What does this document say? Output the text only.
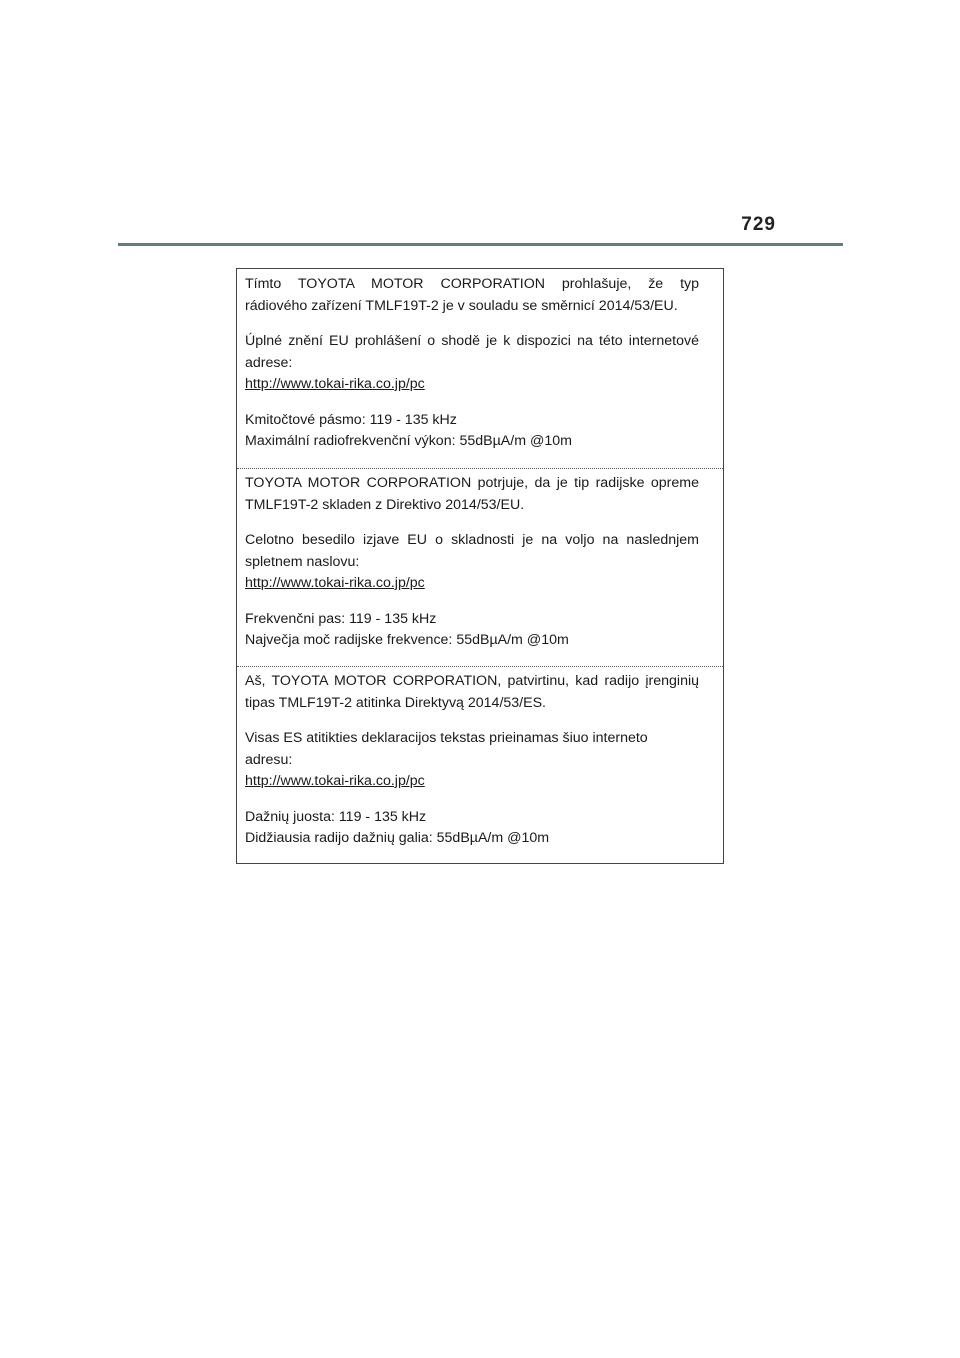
729

Tímto TOYOTA MOTOR CORPORATION prohlašuje, že typ
rádiového zařízení TMLF19T-2 je v souladu se směrnicí 2014/53/EU.

Úplné znění EU prohlášení o shodě je k dispozici na této internetové
adrese:
http://www.tokai-rika.co.jp/pc

Kmitočtové pásmo: 119 - 135 kHz
Maximální radiofrekvenční výkon: 55dBµA/m @10m

TOYOTA MOTOR CORPORATION potrjuje, da je tip radijske opreme
TMLF19T-2 skladen z Direktivo 2014/53/EU.

Celotno besedilo izjave EU o skladnosti je na voljo na naslednjem
spletnem naslovu:
http://www.tokai-rika.co.jp/pc

Frekvenčni pas: 119 - 135 kHz
Največja moč radijske frekvence: 55dBµA/m @10m

Aš, TOYOTA MOTOR CORPORATION, patvirtinu, kad radijo įrenginių
tipas TMLF19T-2 atitinka Direktyvą 2014/53/ES.

Visas ES atitikties deklaracijos tekstas prieinamas šiuo interneto
adresu:
http://www.tokai-rika.co.jp/pc

Dažnių juosta: 119 - 135 kHz
Didžiausia radijo dažnių galia: 55dBµA/m @10m
